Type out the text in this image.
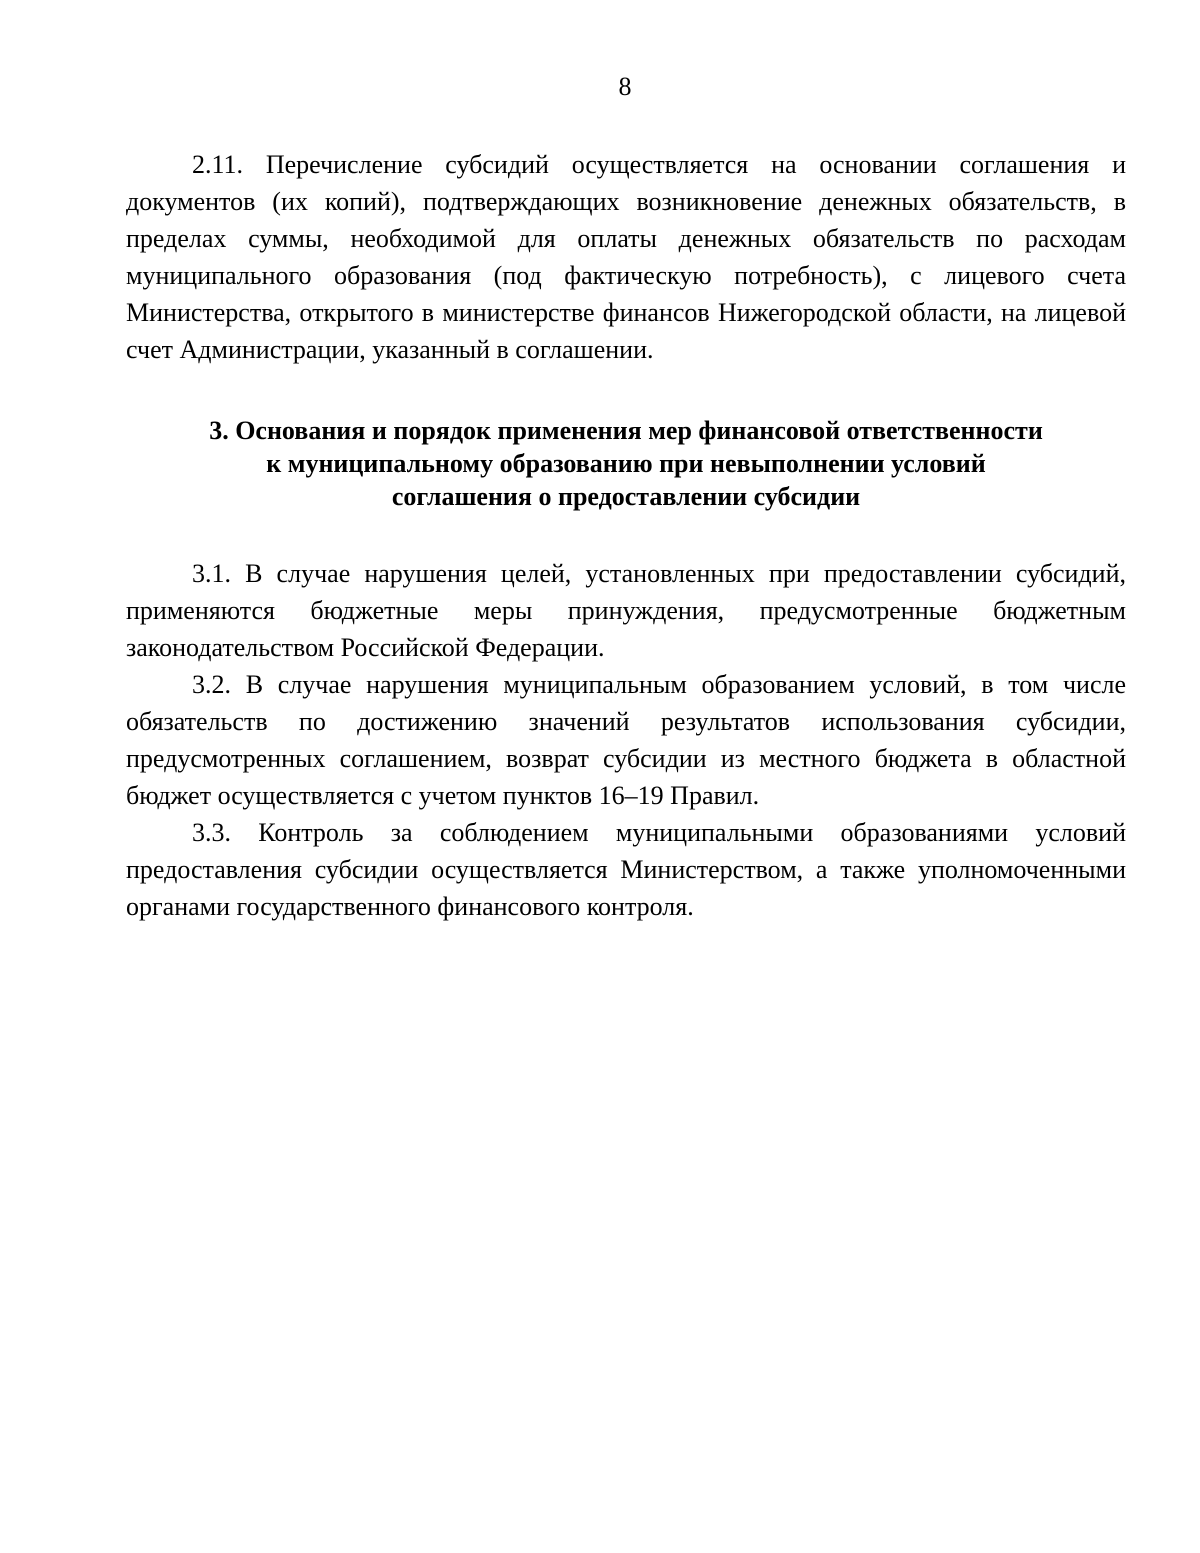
8

2.11. Перечисление субсидий осуществляется на основании соглашения и документов (их копий), подтверждающих возникновение денежных обязательств, в пределах суммы, необходимой для оплаты денежных обязательств по расходам муниципального образования (под фактическую потребность), с лицевого счета Министерства, открытого в министерстве финансов Нижегородской области, на лицевой счет Администрации, указанный в соглашении.

3. Основания и порядок применения мер финансовой ответственности
к муниципальному образованию при невыполнении условий
соглашения о предоставлении субсидии

3.1. В случае нарушения целей, установленных при предоставлении субсидий, применяются бюджетные меры принуждения, предусмотренные бюджетным законодательством Российской Федерации.

3.2. В случае нарушения муниципальным образованием условий, в том числе обязательств по достижению значений результатов использования субсидии, предусмотренных соглашением, возврат субсидии из местного бюджета в областной бюджет осуществляется с учетом пунктов 16–19 Правил.

3.3. Контроль за соблюдением муниципальными образованиями условий предоставления субсидии осуществляется Министерством, а также уполномоченными органами государственного финансового контроля.
